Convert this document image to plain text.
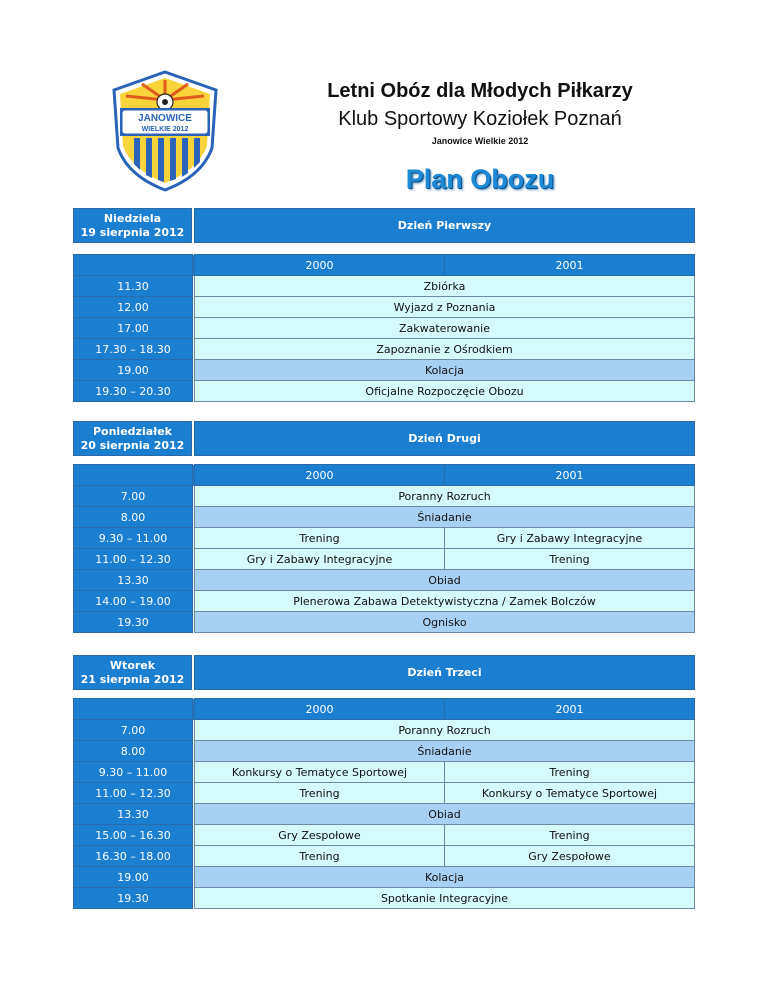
JANOWICE
WIELKIE 2012
Letni Obóz dla Młodych Piłkarzy
Klub Sportowy Koziołek Poznań
Janowice Wielkie 2012
Plan Obozu
Niedziela
19 sierpnia 2012	Dzień Pierwszy
		2000	2001
11.30		Zbiórka	
12.00		Wyjazd z Poznania	
17.00		Zakwaterowanie	
17.30 – 18.30		Zapoznanie z Ośrodkiem	
19.00		Kolacja	
19.30 – 20.30		Oficjalne Rozpoczęcie Obozu	
Poniedziałek
20 sierpnia 2012	Dzień Drugi
		2000	2001
7.00		Poranny Rozruch	
8.00		Śniadanie	
9.30 – 11.00		Trening	Gry i Zabawy Integracyjne
11.00 – 12.30		Gry i Zabawy Integracyjne	Trening
13.30		Obiad	
14.00 – 19.00		Plenerowa Zabawa Detektywistyczna / Zamek Bolczów	
19.30		Ognisko	
Wtorek
21 sierpnia 2012	Dzień Trzeci
		2000	2001
7.00		Poranny Rozruch	
8.00		Śniadanie	
9.30 – 11.00		Konkursy o Tematyce Sportowej	Trening
11.00 – 12.30		Trening	Konkursy o Tematyce Sportowej
13.30		Obiad	
15.00 – 16.30		Gry Zespołowe	Trening
16.30 – 18.00		Trening	Gry Zespołowe
19.00		Kolacja	
19.30		Spotkanie Integracyjne	
